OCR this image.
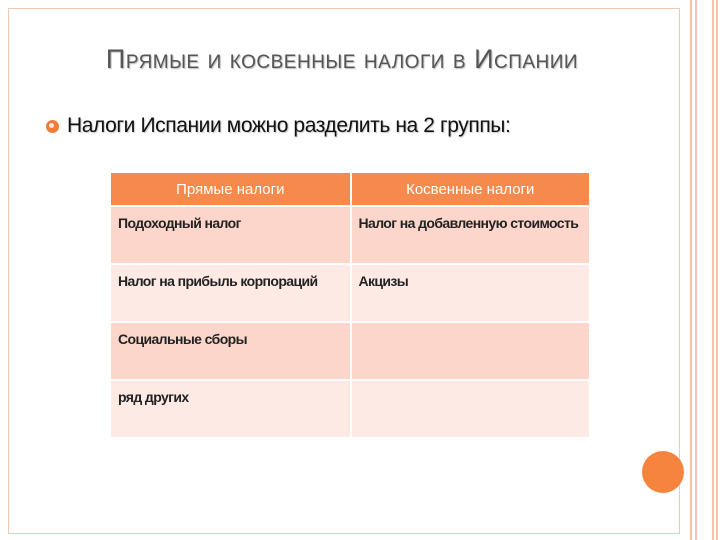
Прямые и косвенные налоги в Испании
Налоги Испании можно разделить на 2 группы:
Прямые налоги	Косвенные налоги
Подоходный налог	Налог на добавленную стоимость
Налог на прибыль корпораций	Акцизы
Социальные сборы	
ряд других	
